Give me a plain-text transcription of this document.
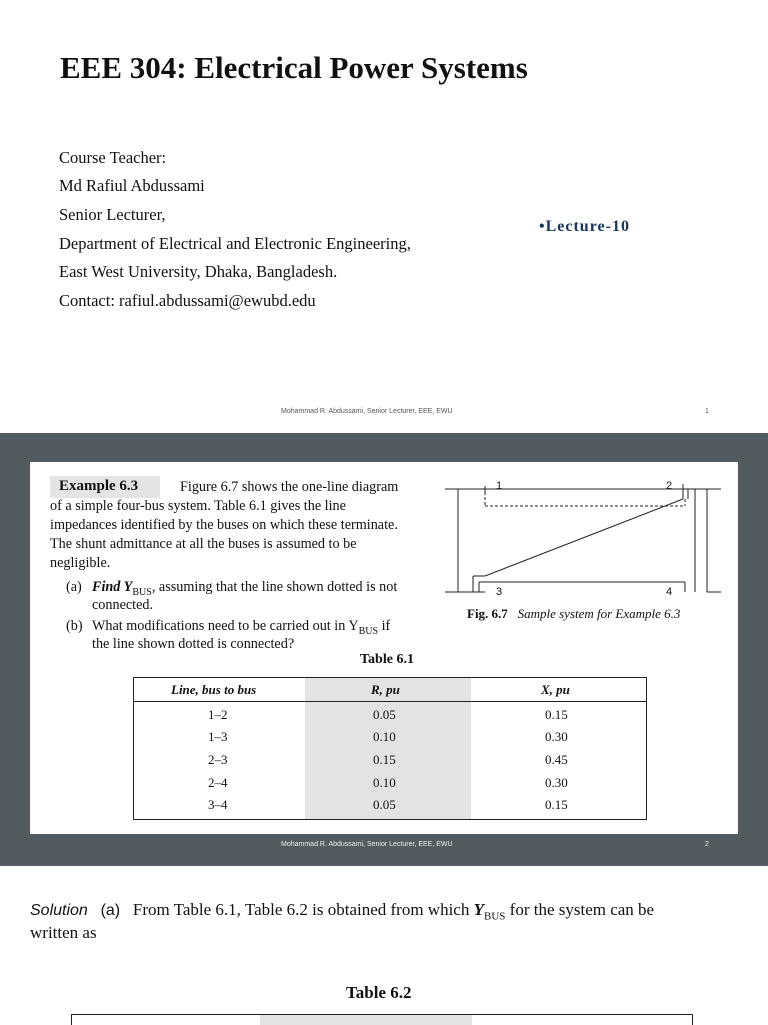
EEE 304: Electrical Power Systems
Course Teacher:
Md Rafiul Abdussami
Senior Lecturer,
Department of Electrical and Electronic Engineering,
East West University, Dhaka, Bangladesh.
Contact: rafiul.abdussami@ewubd.edu
•Lecture-10
Mohammad R. Abdussami, Senior Lecturer, EEE, EWU	1
Example 6.3	Figure 6.7 shows the one-line diagram
of a simple four-bus system. Table 6.1 gives the line
impedances identified by the buses on which these terminate.
The shunt admittance at all the buses is assumed to be
negligible.
(a) Find $Y_{BUS}$, assuming that the line shown dotted is not
connected.
(b) What modifications need to be carried out in $Y_{BUS}$ if
the line shown dotted is connected?
1	2
3	4
Fig. 6.7 Sample system for Example 6.3
Table 6.1
Line, bus to bus	R, pu	X, pu
1–2	0.05	0.15
1–3	0.10	0.30
2–3	0.15	0.45
2–4	0.10	0.30
3–4	0.05	0.15
Mohammad R. Abdussami, Senior Lecturer, EEE, EWU	2
Solution (a) From Table 6.1, Table 6.2 is obtained from which $Y_{BUS}$ for the system can be
written as
Table 6.2
